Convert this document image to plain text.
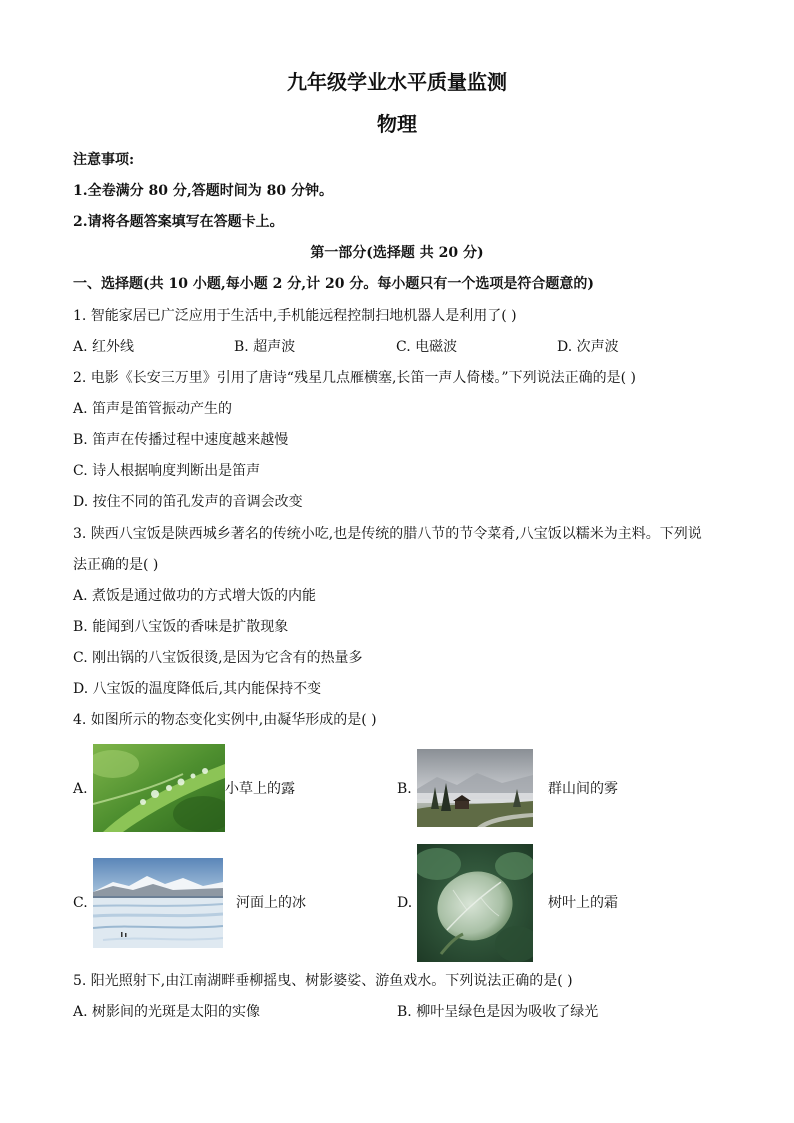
九年级学业水平质量监测
物理
注意事项:
1.全卷满分 80 分,答题时间为 80 分钟。
2.请将各题答案填写在答题卡上。
第一部分(选择题 共 20 分)
一、选择题(共 10 小题,每小题 2 分,计 20 分。每小题只有一个选项是符合题意的)
1. 智能家居已广泛应用于生活中,手机能远程控制扫地机器人是利用了( )
A. 红外线	B. 超声波	C. 电磁波	D. 次声波
2. 电影《长安三万里》引用了唐诗“残星几点雁横塞,长笛一声人倚楼。”下列说法正确的是( )
A. 笛声是笛管振动产生的
B. 笛声在传播过程中速度越来越慢
C. 诗人根据响度判断出是笛声
D. 按住不同的笛孔发声的音调会改变
3. 陕西八宝饭是陕西城乡著名的传统小吃,也是传统的腊八节的节令菜肴,八宝饭以糯米为主料。下列说
法正确的是( )
A. 煮饭是通过做功的方式增大饭的内能
B. 能闻到八宝饭的香味是扩散现象
C. 刚出锅的八宝饭很烫,是因为它含有的热量多
D. 八宝饭的温度降低后,其内能保持不变
4. 如图所示的物态变化实例中,由凝华形成的是( )
A.	小草上的露	B.	群山间的雾
C.	河面上的冰	D.	树叶上的霜
5. 阳光照射下,由江南湖畔垂柳摇曳、树影婆娑、游鱼戏水。下列说法正确的是( )
A. 树影间的光斑是太阳的实像	B. 柳叶呈绿色是因为吸收了绿光
